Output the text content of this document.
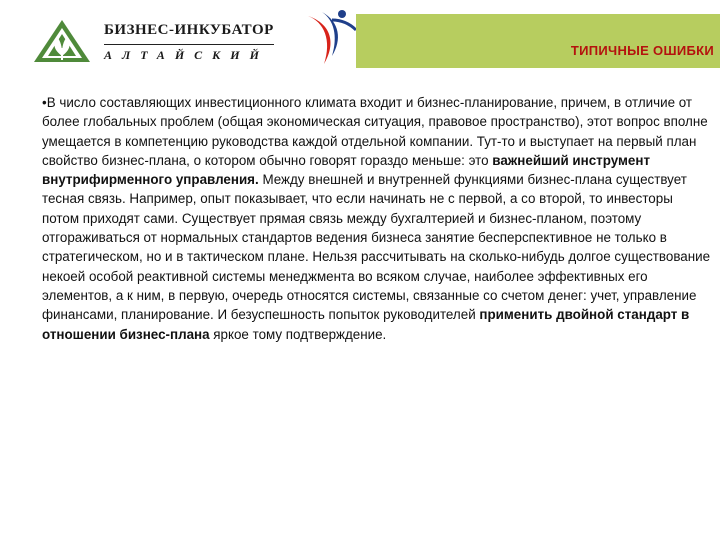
БИЗНЕС-ИНКУБАТОР
АЛТАЙСКИЙ	ТИПИЧНЫЕ ОШИБКИ

•В число составляющих инвестиционного климата входит и бизнес-планирование, причем, в отличие от более глобальных проблем (общая экономическая ситуация, правовое пространство), этот вопрос вполне умещается в компетенцию руководства каждой отдельной компании. Тут-то и выступает на первый план свойство бизнес-плана, о котором обычно говорят гораздо меньше: это важнейший инструмент внутрифирменного управления. Между внешней и внутренней функциями бизнес-плана существует тесная связь. Например, опыт показывает, что если начинать не с первой, а со второй, то инвесторы потом приходят сами. Существует прямая связь между бухгалтерией и бизнес-планом, поэтому отгораживаться от нормальных стандартов ведения бизнеса занятие бесперспективное не только в стратегическом, но и в тактическом плане. Нельзя рассчитывать на сколько-нибудь долгое существование некоей особой реактивной системы менеджмента во всяком случае, наиболее эффективных его элементов, а к ним, в первую, очередь относятся системы, связанные со счетом денег: учет, управление финансами, планирование. И безуспешность попыток руководителей применить двойной стандарт в отношении бизнес-плана яркое тому подтверждение.
